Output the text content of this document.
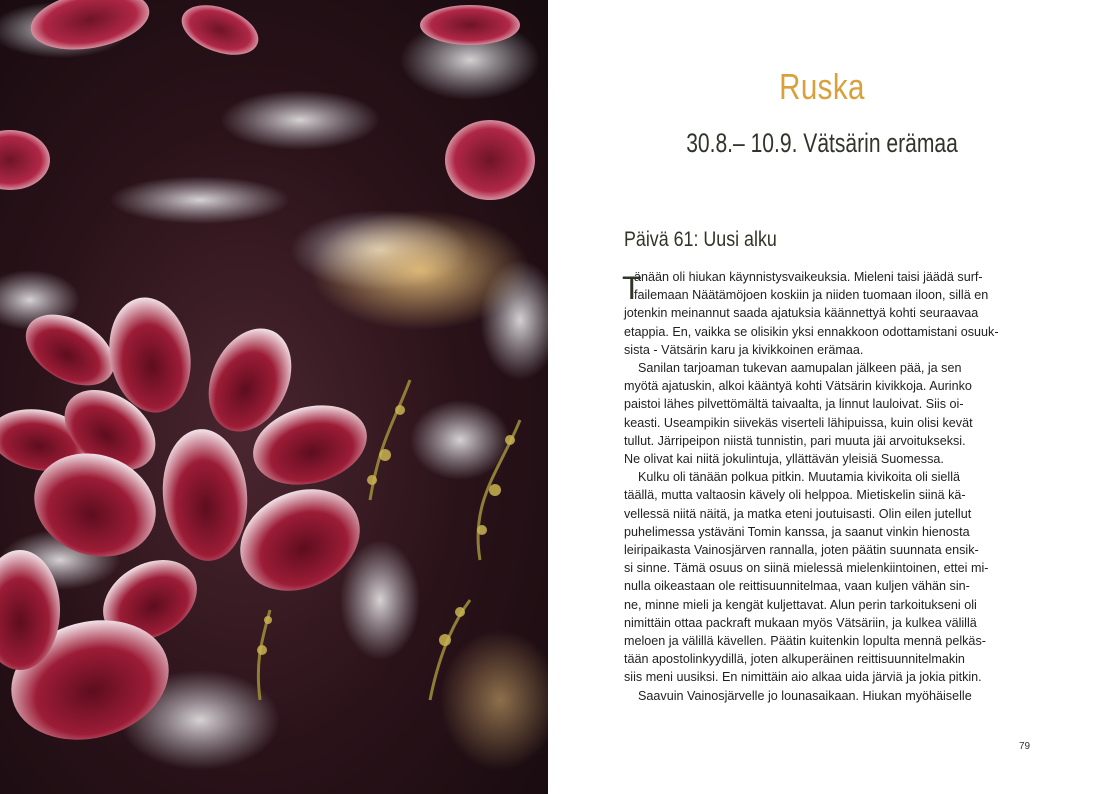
Ruska
30.8.– 10.9. Vätsärin erämaa
Päivä 61: Uusi alku
T
änään oli hiukan käynnistysvaikeuksia. Mieleni taisi jäädä surf-
failemaan Näätämöjoen koskiin ja niiden tuomaan iloon, sillä en
jotenkin meinannut saada ajatuksia käännettyä kohti seuraavaa
etappia. En, vaikka se olisikin yksi ennakkoon odottamistani osuuk-
sista - Vätsärin karu ja kivikkoinen erämaa.
Sanilan tarjoaman tukevan aamupalan jälkeen pää, ja sen
myötä ajatuskin, alkoi kääntyä kohti Vätsärin kivikkoja. Aurinko
paistoi lähes pilvettömältä taivaalta, ja linnut lauloivat. Siis oi-
keasti. Useampikin siivekäs viserteli lähipuissa, kuin olisi kevät
tullut. Järripeipon niistä tunnistin, pari muuta jäi arvoitukseksi.
Ne olivat kai niitä jokulintuja, yllättävän yleisiä Suomessa.
Kulku oli tänään polkua pitkin. Muutamia kivikoita oli siellä
täällä, mutta valtaosin kävely oli helppoa. Mietiskelin siinä kä-
vellessä niitä näitä, ja matka eteni joutuisasti. Olin eilen jutellut
puhelimessa ystäväni Tomin kanssa, ja saanut vinkin hienosta
leiripaikasta Vainosjärven rannalla, joten päätin suunnata ensik-
si sinne. Tämä osuus on siinä mielessä mielenkiintoinen, ettei mi-
nulla oikeastaan ole reittisuunnitelmaa, vaan kuljen vähän sin-
ne, minne mieli ja kengät kuljettavat. Alun perin tarkoitukseni oli
nimittäin ottaa packraft mukaan myös Vätsäriin, ja kulkea välillä
meloen ja välillä kävellen. Päätin kuitenkin lopulta mennä pelkäs-
tään apostolinkyydillä, joten alkuperäinen reittisuunnitelmakin
siis meni uusiksi. En nimittäin aio alkaa uida järviä ja jokia pitkin.
Saavuin Vainosjärvelle jo lounasaikaan. Hiukan myöhäiselle
79
